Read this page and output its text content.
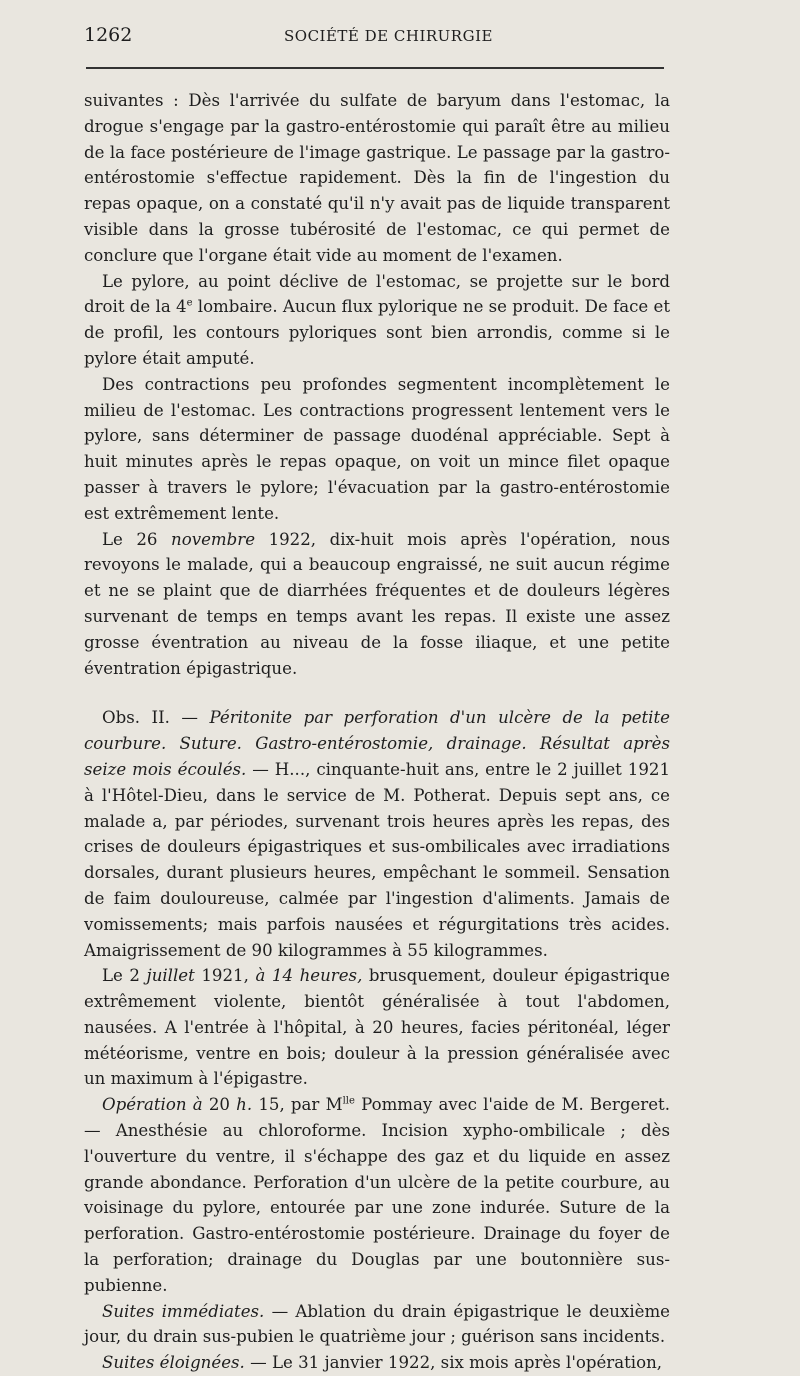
1262	SOCIÉTÉ DE CHIRURGIE

suivantes : Dès l'arrivée du sulfate de baryum dans l'estomac, la drogue s'engage par la gastro-entérostomie qui paraît être au milieu de la face postérieure de l'image gastrique. Le passage par la gastro-entérostomie s'effectue rapidement. Dès la fin de l'ingestion du repas opaque, on a constaté qu'il n'y avait pas de liquide transparent visible dans la grosse tubérosité de l'estomac, ce qui permet de conclure que l'organe était vide au moment de l'examen.

Le pylore, au point déclive de l'estomac, se projette sur le bord droit de la 4e lombaire. Aucun flux pylorique ne se produit. De face et de profil, les contours pyloriques sont bien arrondis, comme si le pylore était amputé.

Des contractions peu profondes segmentent incomplètement le milieu de l'estomac. Les contractions progressent lentement vers le pylore, sans déterminer de passage duodénal appréciable. Sept à huit minutes après le repas opaque, on voit un mince filet opaque passer à travers le pylore; l'évacuation par la gastro-entérostomie est extrêmement lente.

Le 26 novembre 1922, dix-huit mois après l'opération, nous revoyons le malade, qui a beaucoup engraissé, ne suit aucun régime et ne se plaint que de diarrhées fréquentes et de douleurs légères survenant de temps en temps avant les repas. Il existe une assez grosse éventration au niveau de la fosse iliaque, et une petite éventration épigastrique.

Obs. II. — Péritonite par perforation d'un ulcère de la petite courbure. Suture. Gastro-entérostomie, drainage. Résultat après seize mois écoulés. — H..., cinquante-huit ans, entre le 2 juillet 1921 à l'Hôtel-Dieu, dans le service de M. Potherat. Depuis sept ans, ce malade a, par périodes, survenant trois heures après les repas, des crises de douleurs épigastriques et sus-ombilicales avec irradiations dorsales, durant plusieurs heures, empêchant le sommeil. Sensation de faim douloureuse, calmée par l'ingestion d'aliments. Jamais de vomissements; mais parfois nausées et régurgitations très acides. Amaigrissement de 90 kilogrammes à 55 kilogrammes.

Le 2 juillet 1921, à 14 heures, brusquement, douleur épigastrique extrêmement violente, bientôt généralisée à tout l'abdomen, nausées. A l'entrée à l'hôpital, à 20 heures, facies péritonéal, léger météorisme, ventre en bois; douleur à la pression généralisée avec un maximum à l'épigastre.

Opération à 20 h. 15, par $M^{lle}$ Pommay avec l'aide de M. Bergeret. — Anesthésie au chloroforme. Incision xypho-ombilicale ; dès l'ouverture du ventre, il s'échappe des gaz et du liquide en assez grande abondance. Perforation d'un ulcère de la petite courbure, au voisinage du pylore, entourée par une zone indurée. Suture de la perforation. Gastro-entérostomie postérieure. Drainage du foyer de la perforation; drainage du Douglas par une boutonnière sus-pubienne.

Suites immédiates. — Ablation du drain épigastrique le deuxième jour, du drain sus-pubien le quatrième jour ; guérison sans incidents.

Suites éloignées. — Le 31 janvier 1922, six mois après l'opération,
